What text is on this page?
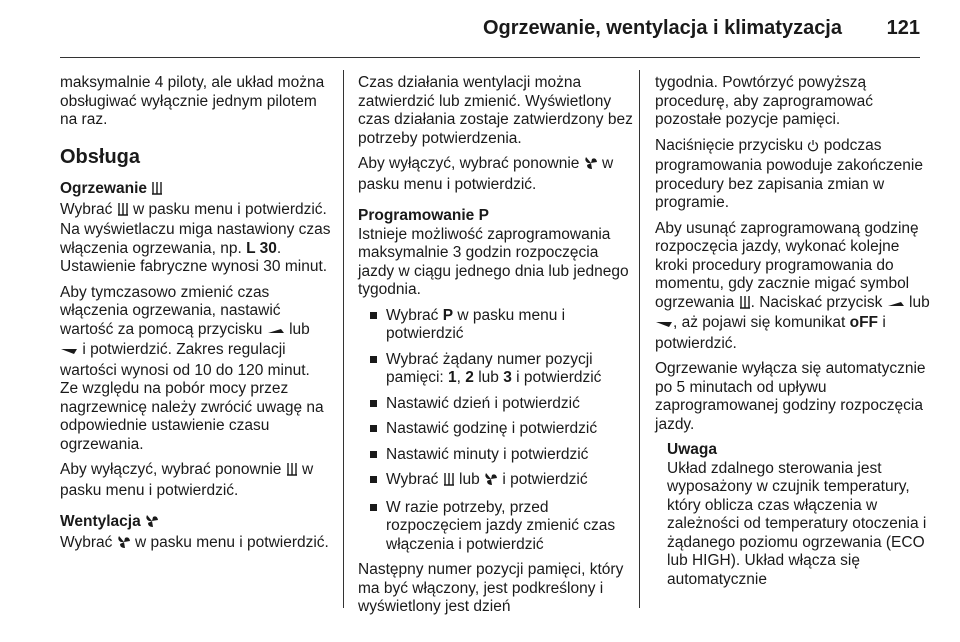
Ogrzewanie, wentylacja i klimatyzacja 121

maksymalnie 4 piloty, ale układ można obsługiwać wyłącznie jednym pilotem na raz.

Obsługa
Ogrzewanie

Wybrać w pasku menu i potwierdzić. Na wyświetlaczu miga nastawiony czas włączenia ogrzewania, np. L 30. Ustawienie fabryczne wynosi 30 minut.

Aby tymczasowo zmienić czas włączenia ogrzewania, nastawić wartość za pomocą przycisku lub  i potwierdzić. Zakres regulacji wartości wynosi od 10 do 120 minut. Ze względu na pobór mocy przez nagrzewnicę należy zwrócić uwagę na odpowiednie ustawienie czasu ogrzewania.

Aby wyłączyć, wybrać ponownie w pasku menu i potwierdzić.

Wentylacja

Wybrać w pasku menu i potwierdzić.

Czas działania wentylacji można zatwierdzić lub zmienić. Wyświetlony czas działania zostaje zatwierdzony bez potrzeby potwierdzenia.

Aby wyłączyć, wybrać ponownie w pasku menu i potwierdzić.

Programowanie P

Istnieje możliwość zaprogramowania maksymalnie 3 godzin rozpoczęcia jazdy w ciągu jednego dnia lub jednego tygodnia.

Wybrać P w pasku menu i potwierdzić
Wybrać żądany numer pozycji pamięci: 1, 2 lub 3 i potwierdzić
Nastawić dzień i potwierdzić
Nastawić godzinę i potwierdzić
Nastawić minuty i potwierdzić
Wybrać lub i potwierdzić
W razie potrzeby, przed rozpoczęciem jazdy zmienić czas włączenia i potwierdzić

Następny numer pozycji pamięci, który ma być włączony, jest podkreślony i wyświetlony jest dzień

tygodnia. Powtórzyć powyższą procedurę, aby zaprogramować pozostałe pozycje pamięci.

Naciśnięcie przycisku podczas programowania powoduje zakończenie procedury bez zapisania zmian w programie.

Aby usunąć zaprogramowaną godzinę rozpoczęcia jazdy, wykonać kolejne kroki procedury programowania do momentu, gdy zacznie migać symbol ogrzewania . Naciskać przycisk lub , aż pojawi się komunikat oFF i potwierdzić.

Ogrzewanie wyłącza się automatycznie po 5 minutach od upływu zaprogramowanej godziny rozpoczęcia jazdy.

Uwaga

Układ zdalnego sterowania jest wyposażony w czujnik temperatury, który oblicza czas włączenia w zależności od temperatury otoczenia i żądanego poziomu ogrzewania (ECO lub HIGH). Układ włącza się automatycznie
